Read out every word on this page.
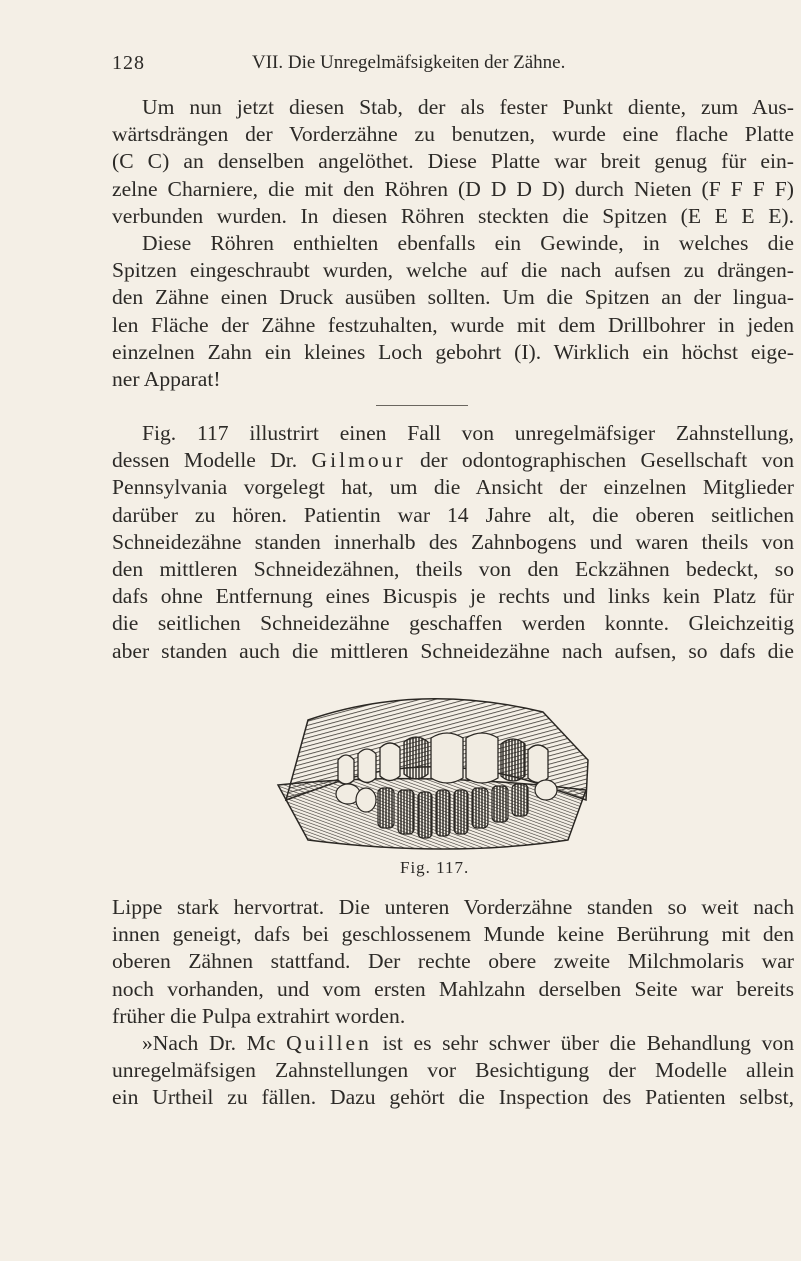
128	VII. Die Unregelmäfsigkeiten der Zähne.
Um nun jetzt diesen Stab, der als fester Punkt diente, zum Aus-
wärtsdrängen der Vorderzähne zu benutzen, wurde eine flache Platte
(C C) an denselben angelöthet. Diese Platte war breit genug für ein-
zelne Charniere, die mit den Röhren (D D D D) durch Nieten (F F F F)
verbunden wurden. In diesen Röhren steckten die Spitzen (E E E E).
Diese Röhren enthielten ebenfalls ein Gewinde, in welches die
Spitzen eingeschraubt wurden, welche auf die nach aufsen zu drängen-
den Zähne einen Druck ausüben sollten. Um die Spitzen an der lingua-
len Fläche der Zähne festzuhalten, wurde mit dem Drillbohrer in jeden
einzelnen Zahn ein kleines Loch gebohrt (I). Wirklich ein höchst eige-
ner Apparat!
Fig. 117 illustrirt einen Fall von unregelmäfsiger Zahnstellung,
dessen Modelle Dr. Gilmour der odontographischen Gesellschaft von
Pennsylvania vorgelegt hat, um die Ansicht der einzelnen Mitglieder
darüber zu hören. Patientin war 14 Jahre alt, die oberen seitlichen
Schneidezähne standen innerhalb des Zahnbogens und waren theils von
den mittleren Schneidezähnen, theils von den Eckzähnen bedeckt, so
dafs ohne Entfernung eines Bicuspis je rechts und links kein Platz für
die seitlichen Schneidezähne geschaffen werden konnte. Gleichzeitig
aber standen auch die mittleren Schneidezähne nach aufsen, so dafs die
Fig. 117.
Lippe stark hervortrat. Die unteren Vorderzähne standen so weit nach
innen geneigt, dafs bei geschlossenem Munde keine Berührung mit den
oberen Zähnen stattfand. Der rechte obere zweite Milchmolaris war
noch vorhanden, und vom ersten Mahlzahn derselben Seite war bereits
früher die Pulpa extrahirt worden.
»Nach Dr. Mc Quillen ist es sehr schwer über die Behandlung von
unregelmäfsigen Zahnstellungen vor Besichtigung der Modelle allein
ein Urtheil zu fällen. Dazu gehört die Inspection des Patienten selbst,
